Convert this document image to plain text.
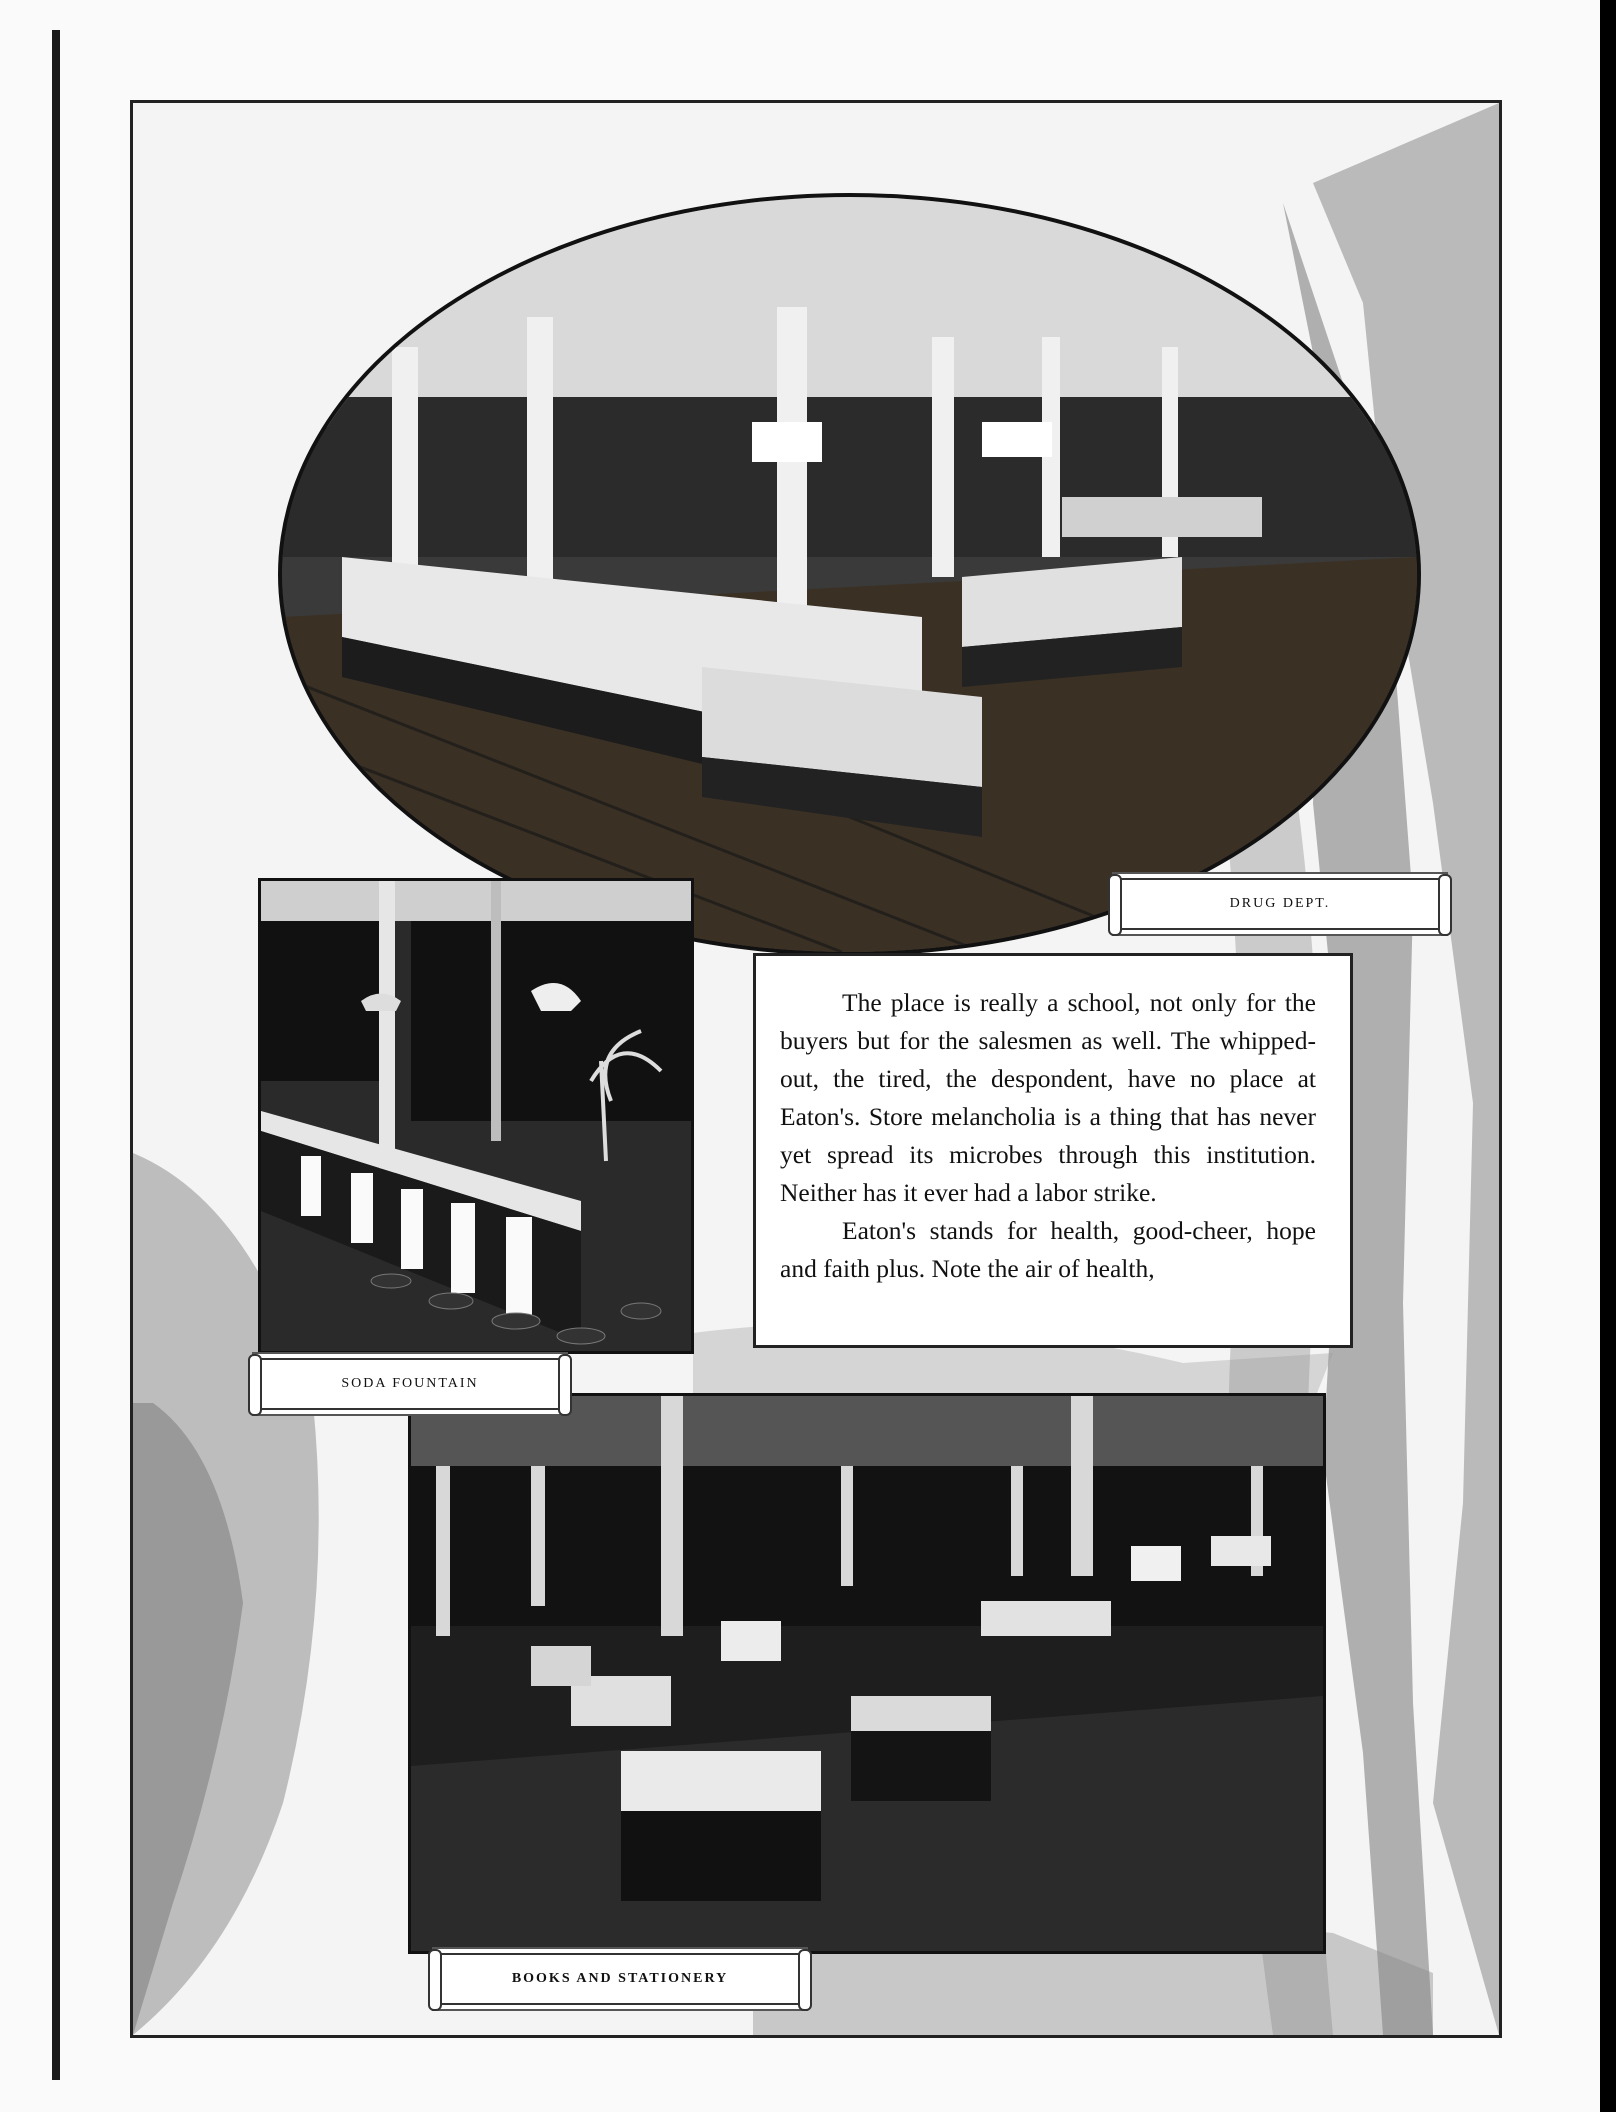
The place is really a school, not only for the buyers but for the salesmen as well. The whipped-out, the tired, the despondent, have no place at Eaton's. Store melancholia is a thing that has never yet spread its microbes through this institution. Neither has it ever had a labor strike.

Eaton's stands for health, good-cheer, hope and faith plus. Note the air of health,

DRUG DEPT.
SODA FOUNTAIN
BOOKS AND STATIONERY
